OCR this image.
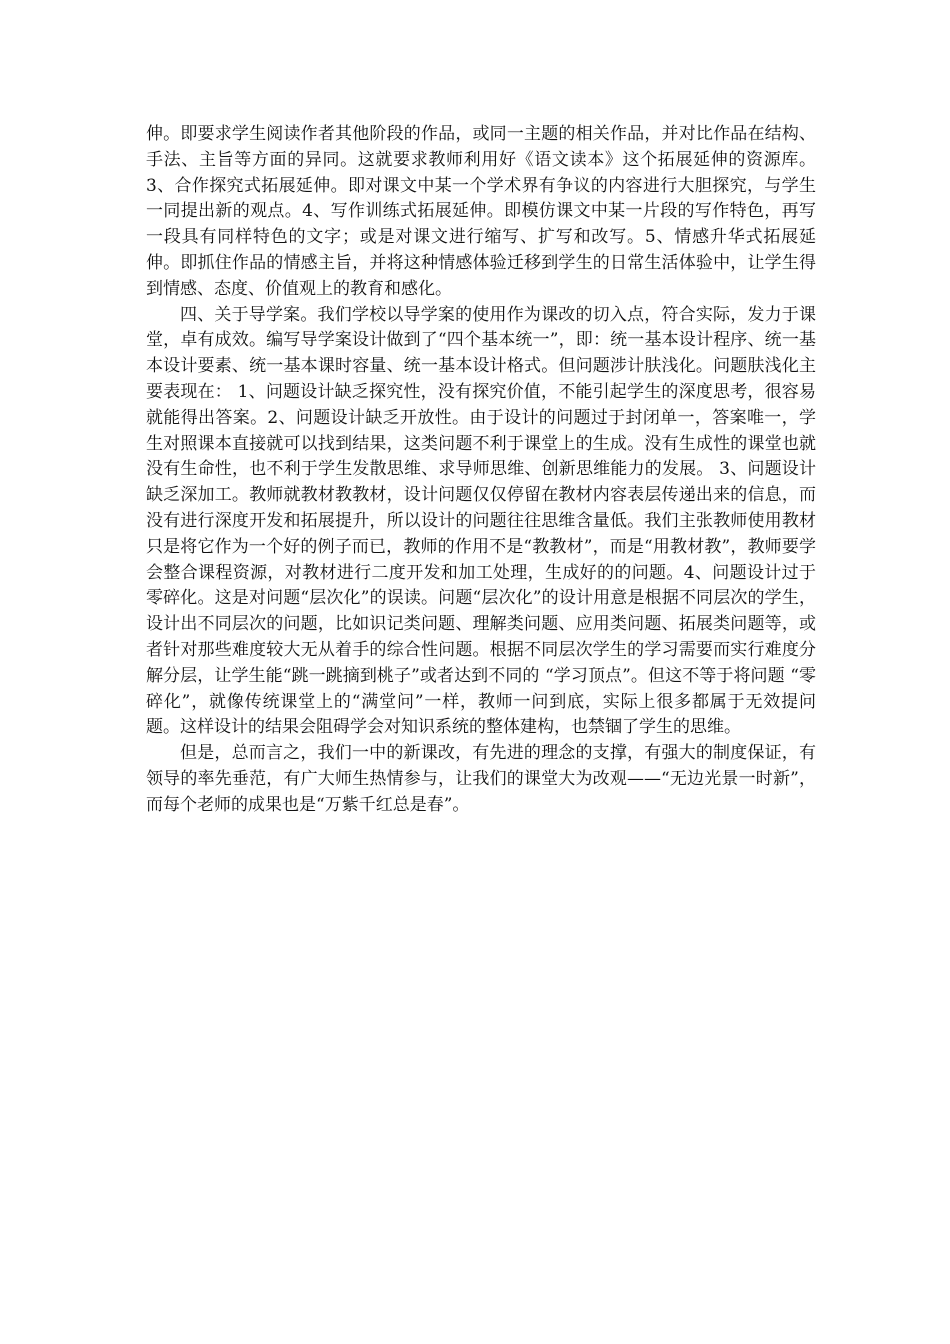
伸。即要求学生阅读作者其他阶段的作品，或同一主题的相关作品，并对比作品在结构、手法、主旨等方面的异同。这就要求教师利用好《语文读本》这个拓展延伸的资源库。3、合作探究式拓展延伸。即对课文中某一个学术界有争议的内容进行大胆探究，与学生一同提出新的观点。4、写作训练式拓展延伸。即模仿课文中某一片段的写作特色，再写一段具有同样特色的文字；或是对课文进行缩写、扩写和改写。5、情感升华式拓展延伸。即抓住作品的情感主旨，并将这种情感体验迁移到学生的日常生活体验中，让学生得到情感、态度、价值观上的教育和感化。

四、关于导学案。我们学校以导学案的使用作为课改的切入点，符合实际，发力于课堂，卓有成效。编写导学案设计做到了“四个基本统一”，即：统一基本设计程序、统一基本设计要素、统一基本课时容量、统一基本设计格式。但问题涉计肤浅化。问题肤浅化主要表现在： 1、问题设计缺乏探究性，没有探究价值，不能引起学生的深度思考，很容易就能得出答案。2、问题设计缺乏开放性。由于设计的问题过于封闭单一，答案唯一，学生对照课本直接就可以找到结果，这类问题不利于课堂上的生成。没有生成性的课堂也就没有生命性，也不利于学生发散思维、求导师思维、创新思维能力的发展。 3、问题设计缺乏深加工。教师就教材教教材，设计问题仅仅停留在教材内容表层传递出来的信息，而没有进行深度开发和拓展提升，所以设计的问题往往思维含量低。我们主张教师使用教材只是将它作为一个好的例子而已，教师的作用不是“教教材”，而是“用教材教”，教师要学会整合课程资源，对教材进行二度开发和加工处理，生成好的的问题。4、问题设计过于零碎化。这是对问题“层次化”的误读。问题“层次化”的设计用意是根据不同层次的学生，设计出不同层次的问题，比如识记类问题、理解类问题、应用类问题、拓展类问题等，或者针对那些难度较大无从着手的综合性问题。根据不同层次学生的学习需要而实行难度分解分层，让学生能“跳一跳摘到桃子”或者达到不同的 “学习顶点”。但这不等于将问题 “零碎化”，就像传统课堂上的“满堂问”一样，教师一问到底，实际上很多都属于无效提问题。这样设计的结果会阻碍学会对知识系统的整体建构，也禁锢了学生的思维。

但是，总而言之，我们一中的新课改，有先进的理念的支撑，有强大的制度保证，有领导的率先垂范，有广大师生热情参与，让我们的课堂大为改观——“无边光景一时新”，而每个老师的成果也是“万紫千红总是春”。
